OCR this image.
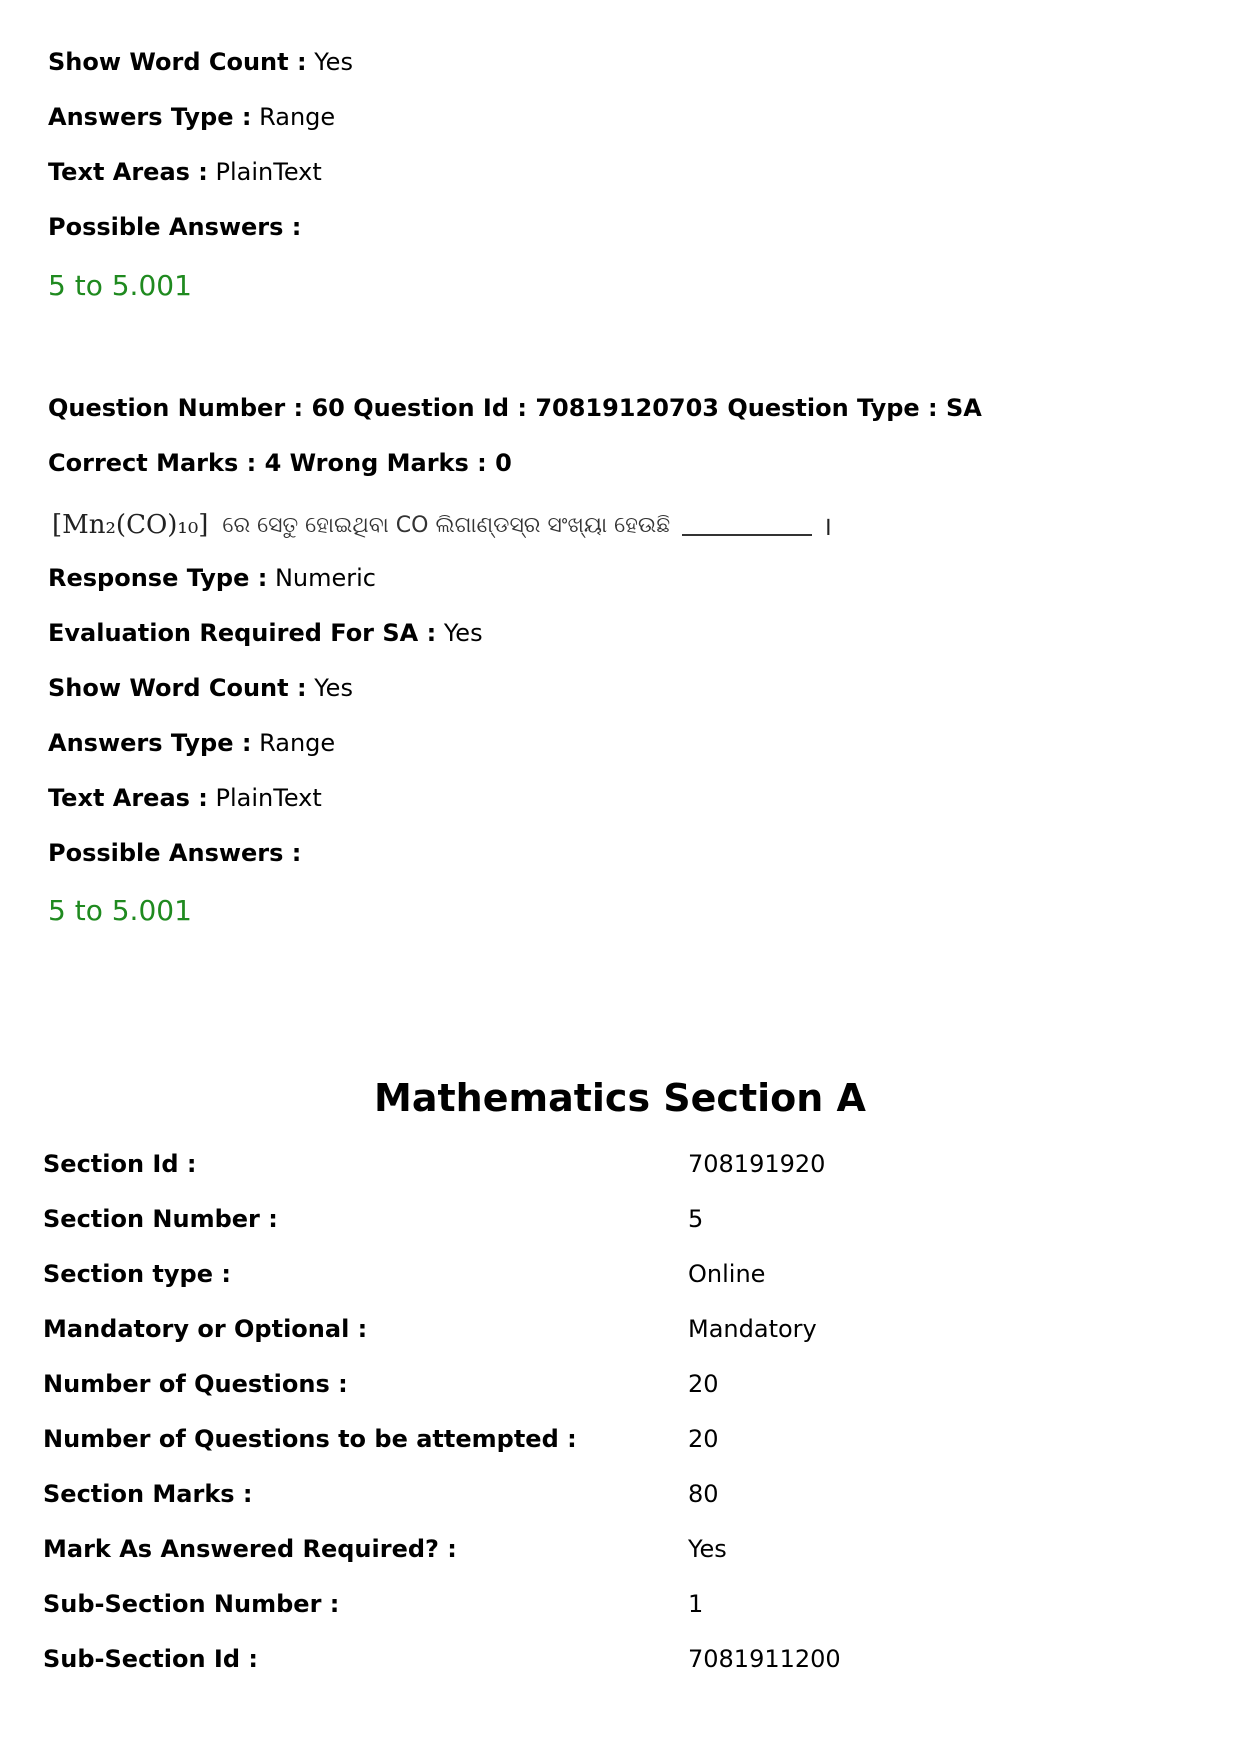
Show Word Count : Yes
Answers Type : Range
Text Areas : PlainText
Possible Answers :
5 to 5.001
Question Number : 60 Question Id : 70819120703 Question Type : SA
Correct Marks : 4 Wrong Marks : 0
[Mn₂(CO)₁₀] ରେ ସେତୁ ହୋଇଥିବା CO ଲିଗାଣ୍ଡସ୍‌ର ସଂଖ୍ୟା ହେଉଛି	।
Response Type : Numeric
Evaluation Required For SA : Yes
Show Word Count : Yes
Answers Type : Range
Text Areas : PlainText
Possible Answers :
5 to 5.001
Mathematics Section A
Section Id :	708191920
Section Number :	5
Section type :	Online
Mandatory or Optional :	Mandatory
Number of Questions :	20
Number of Questions to be attempted :	20
Section Marks :	80
Mark As Answered Required? :	Yes
Sub-Section Number :	1
Sub-Section Id :	7081911200
